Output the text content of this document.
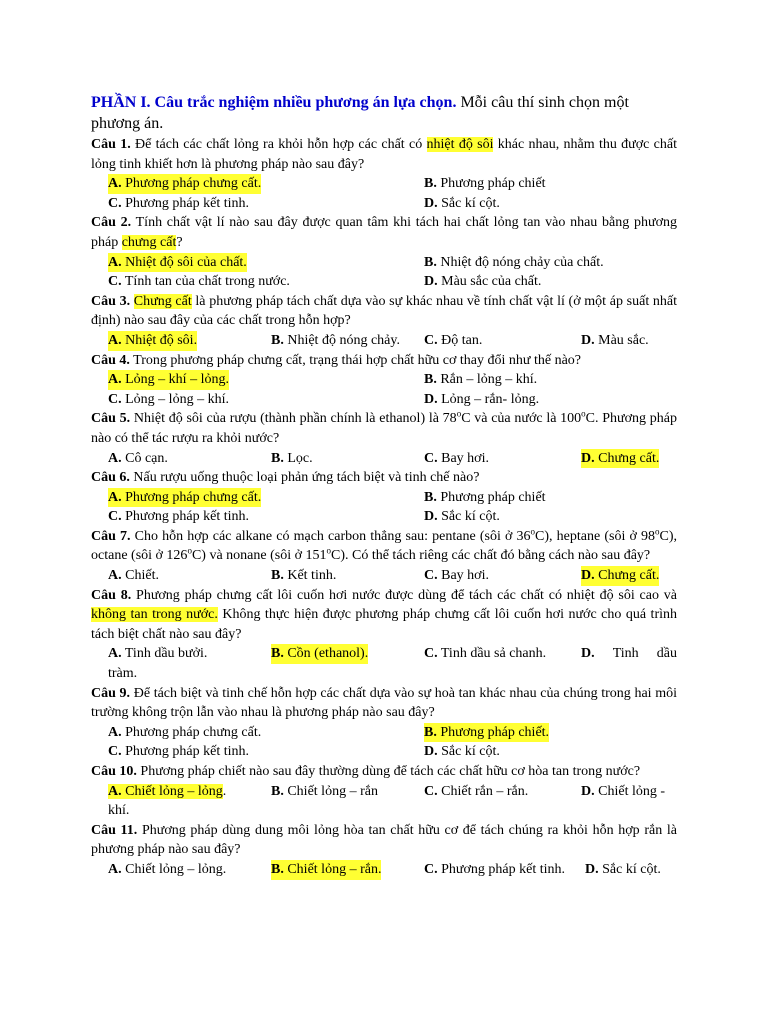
PHẦN I. Câu trắc nghiệm nhiều phương án lựa chọn. Mỗi câu thí sinh chọn một phương án.
Câu 1. Để tách các chất lỏng ra khỏi hỗn hợp các chất có nhiệt độ sôi khác nhau, nhằm thu được chất lỏng tinh khiết hơn là phương pháp nào sau đây?
A. Phương pháp chưng cất.	B. Phương pháp chiết
C. Phương pháp kết tinh.	D. Sắc kí cột.
Câu 2. Tính chất vật lí nào sau đây được quan tâm khi tách hai chất lỏng tan vào nhau bằng phương pháp chưng cất?
A. Nhiệt độ sôi của chất.	B. Nhiệt độ nóng chảy của chất.
C. Tính tan của chất trong nước.	D. Màu sắc của chất.
Câu 3. Chưng cất là phương pháp tách chất dựa vào sự khác nhau về tính chất vật lí (ở một áp suất nhất định) nào sau đây của các chất trong hỗn hợp?
A. Nhiệt độ sôi.	B. Nhiệt độ nóng chảy. C. Độ tan.	D. Màu sắc.
Câu 4. Trong phương pháp chưng cất, trạng thái hợp chất hữu cơ thay đổi như thế nào?
A. Lỏng – khí – lỏng.	B. Rắn – lỏng – khí.
C. Lỏng – lỏng – khí.	D. Lỏng – rắn- lỏng.
Câu 5. Nhiệt độ sôi của rượu (thành phần chính là ethanol) là 78$^o$C và của nước là 100$^o$C. Phương pháp nào có thể tác rượu ra khỏi nước?
A. Cô cạn.	B. Lọc.	C. Bay hơi.	D. Chưng cất.
Câu 6. Nấu rượu uống thuộc loại phản ứng tách biệt và tinh chế nào?
A. Phương pháp chưng cất.	B. Phương pháp chiết
C. Phương pháp kết tinh.	D. Sắc kí cột.
Câu 7. Cho hỗn hợp các alkane có mạch carbon thẳng sau: pentane (sôi ở 36$^o$C), heptane (sôi ở 98$^o$C), octane (sôi ở 126$^o$C) và nonane (sôi ở 151$^o$C). Có thể tách riêng các chất đó bằng cách nào sau đây?
A. Chiết.	B. Kết tinh.	C. Bay hơi.	D. Chưng cất.
Câu 8. Phương pháp chưng cất lôi cuốn hơi nước được dùng để tách các chất có nhiệt độ sôi cao và không tan trong nước. Không thực hiện được phương pháp chưng cất lôi cuốn hơi nước cho quá trình tách biệt chất nào sau đây?
A. Tinh dầu bưởi.	B. Cồn (ethanol).	C. Tinh dầu sả chanh. D. Tinh dầu
tràm.
Câu 9. Để tách biệt và tinh chế hỗn hợp các chất dựa vào sự hoà tan khác nhau của chúng trong hai môi trường không trộn lẫn vào nhau là phương pháp nào sau đây?
A. Phương pháp chưng cất.	B. Phương pháp chiết.
C. Phương pháp kết tinh.	D. Sắc kí cột.
Câu 10. Phương pháp chiết nào sau đây thường dùng để tách các chất hữu cơ hòa tan trong nước?
A. Chiết lỏng – lỏng.	B. Chiết lỏng – rắn	C. Chiết rắn – rắn.	D. Chiết lỏng -
khí.
Câu 11. Phương pháp dùng dung môi lỏng hòa tan chất hữu cơ để tách chúng ra khỏi hỗn hợp rắn là phương pháp nào sau đây?
A. Chiết lỏng – lỏng.	B. Chiết lỏng – rắn.	C. Phương pháp kết tinh. D. Sắc kí cột.
